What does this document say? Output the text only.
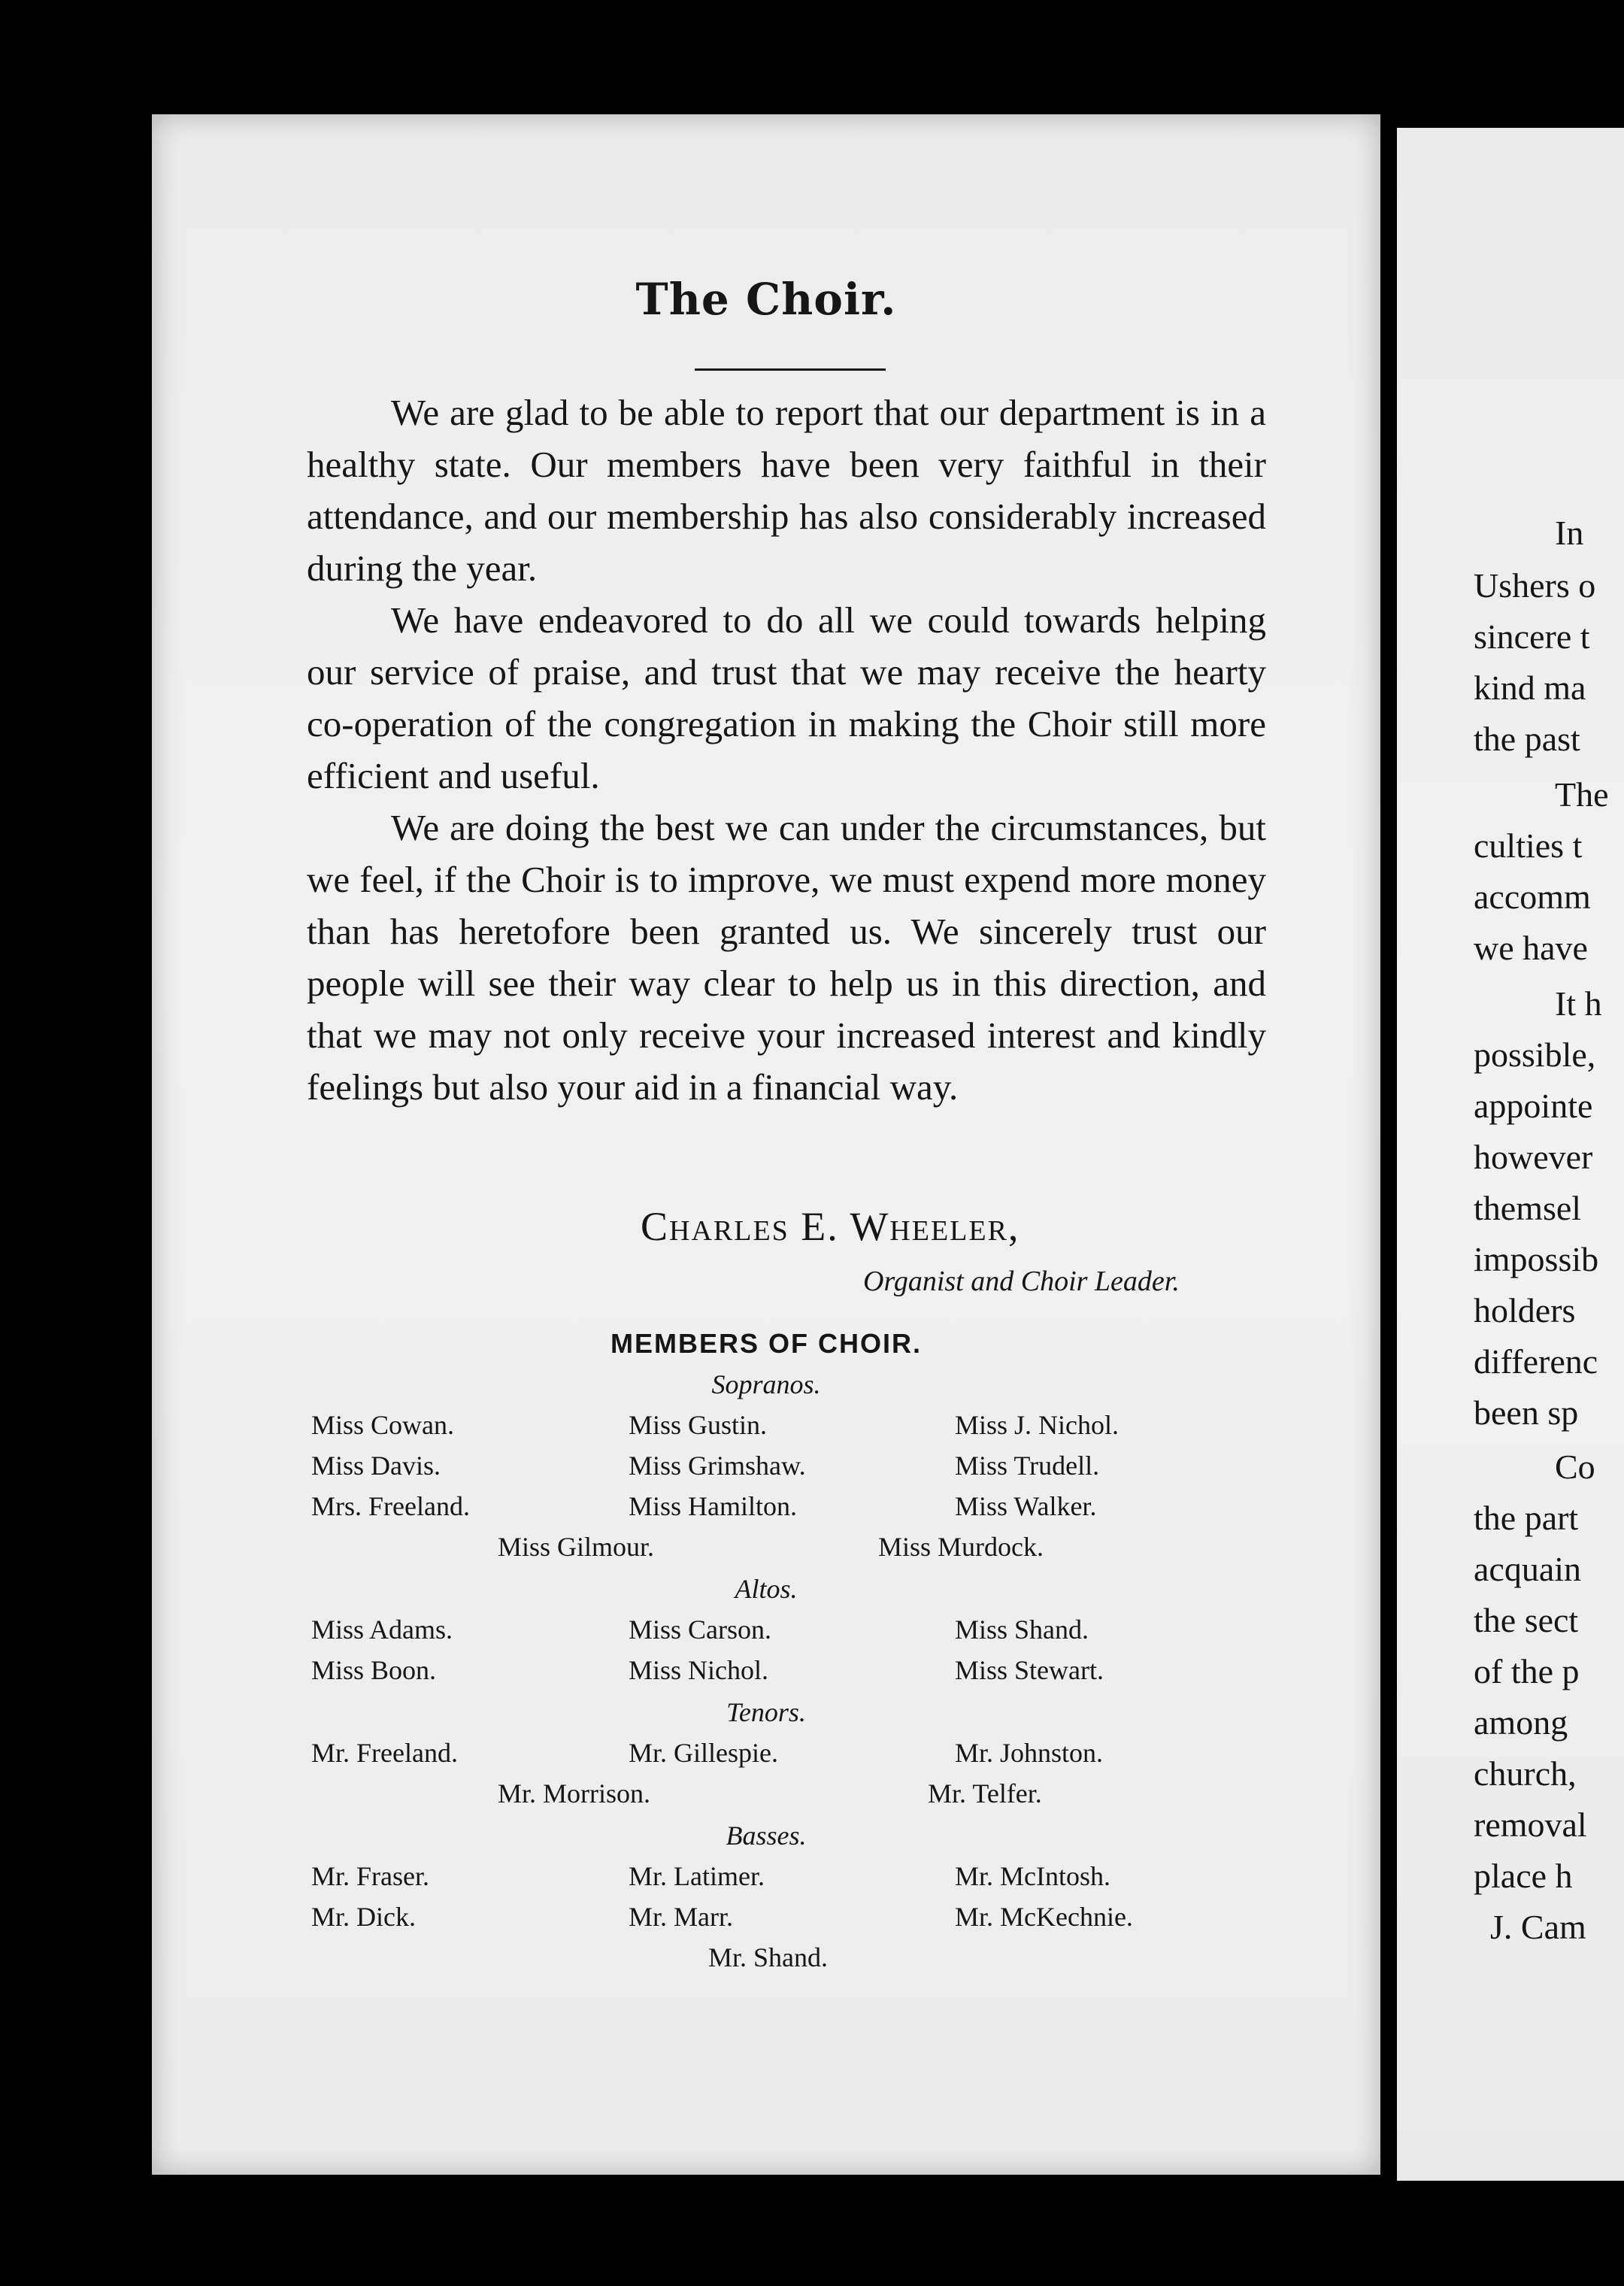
The Choir.

We are glad to be able to report that our department is in a healthy state. Our members have been very faithful in their attendance, and our membership has also considerably increased during the year.

We have endeavored to do all we could towards helping our service of praise, and trust that we may receive the hearty co-operation of the congregation in making the Choir still more efficient and useful.

We are doing the best we can under the circumstances, but we feel, if the Choir is to improve, we must expend more money than has heretofore been granted us. We sincerely trust our people will see their way clear to help us in this direction, and that we may not only receive your increased interest and kindly feelings but also your aid in a financial way.

Charles E. Wheeler,
Organist and Choir Leader.
MEMBERS OF CHOIR.
Sopranos.
Miss Cowan.	Miss Gustin.	Miss J. Nichol.
Miss Davis.	Miss Grimshaw.	Miss Trudell.
Mrs. Freeland.	Miss Hamilton.	Miss Walker.
Miss Gilmour.	Miss Murdock.
Altos.
Miss Adams.	Miss Carson.	Miss Shand.
Miss Boon.	Miss Nichol.	Miss Stewart.
Tenors.
Mr. Freeland.	Mr. Gillespie.	Mr. Johnston.
Mr. Morrison.	Mr. Telfer.
Basses.
Mr. Fraser.	Mr. Latimer.	Mr. McIntosh.
Mr. Dick.	Mr. Marr.	Mr. McKechnie.
Mr. Shand.
In
Ushers o
sincere t
kind ma
the past
The
culties t
accomm
we have
It h
possible,
appointe
however
themsel
impossib
holders
differenc
been sp
Co
the part
acquain
the sect
of the p
among
church,
removal
place h
J. Cam
